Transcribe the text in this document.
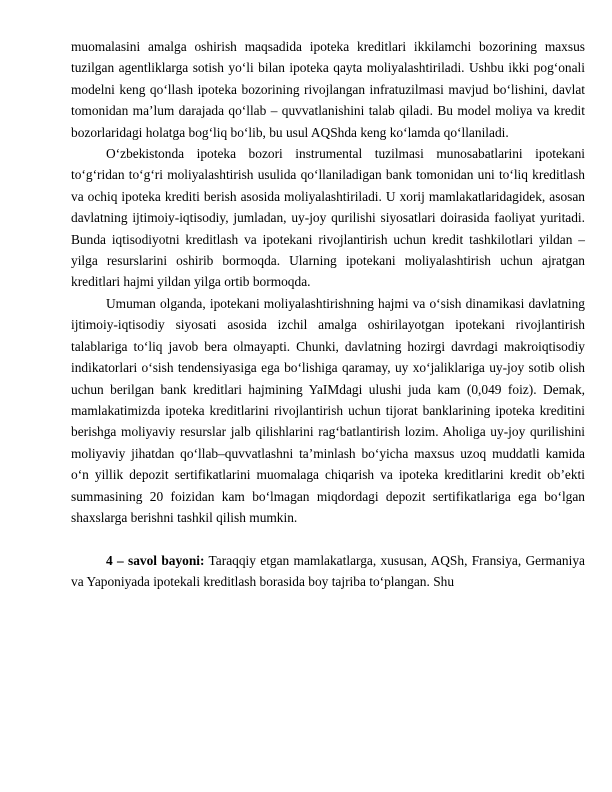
muomalasini amalga oshirish maqsadida ipoteka kreditlari ikkilamchi bozorining maxsus tuzilgan agentliklarga sotish yo‘li bilan ipoteka qayta moliyalashtiriladi. Ushbu ikki pog‘onali modelni keng qo‘llash ipoteka bozorining rivojlangan infratuzilmasi mavjud bo‘lishini, davlat tomonidan ma’lum darajada qo‘llab – quvvatlanishini talab qiladi. Bu model moliya va kredit bozorlaridagi holatga bog‘liq bo‘lib, bu usul AQShda keng ko‘lamda qo‘llaniladi.

O‘zbekistonda ipoteka bozori instrumental tuzilmasi munosabatlarini ipotekani to‘g‘ridan to‘g‘ri moliyalashtirish usulida qo‘llaniladigan bank tomonidan uni to‘liq kreditlash va ochiq ipoteka krediti berish asosida moliyalashtiriladi. U xorij mamlakatlaridagidek, asosan davlatning ijtimoiy-iqtisodiy, jumladan, uy-joy qurilishi siyosatlari doirasida faoliyat yuritadi. Bunda iqtisodiyotni kreditlash va ipotekani rivojlantirish uchun kredit tashkilotlari yildan – yilga resurslarini oshirib bormoqda. Ularning ipotekani moliyalashtirish uchun ajratgan kreditlari hajmi yildan yilga ortib bormoqda.

Umuman olganda, ipotekani moliyalashtirishning hajmi va o‘sish dinamikasi davlatning ijtimoiy-iqtisodiy siyosati asosida izchil amalga oshirilayotgan ipotekani rivojlantirish talablariga to‘liq javob bera olmayapti. Chunki, davlatning hozirgi davrdagi makroiqtisodiy indikatorlari o‘sish tendensiyasiga ega bo‘lishiga qaramay, uy xo‘jaliklariga uy-joy sotib olish uchun berilgan bank kreditlari hajmining YaIMdagi ulushi juda kam (0,049 foiz). Demak, mamlakatimizda ipoteka kreditlarini rivojlantirish uchun tijorat banklarining ipoteka kreditini berishga moliyaviy resurslar jalb qilishlarini rag‘batlantirish lozim. Aholiga uy-joy qurilishini moliyaviy jihatdan qo‘llab–quvvatlashni ta’minlash bo‘yicha maxsus uzoq muddatli kamida o‘n yillik depozit sertifikatlarini muomalaga chiqarish va ipoteka kreditlarini kredit ob’ekti summasining 20 foizidan kam bo‘lmagan miqdordagi depozit sertifikatlariga ega bo‘lgan shaxslarga berishni tashkil qilish mumkin.

4 – savol bayoni: Taraqqiy etgan mamlakatlarga, xususan, AQSh, Fransiya, Germaniya va Yaponiyada ipotekali kreditlash borasida boy tajriba to‘plangan. Shu
